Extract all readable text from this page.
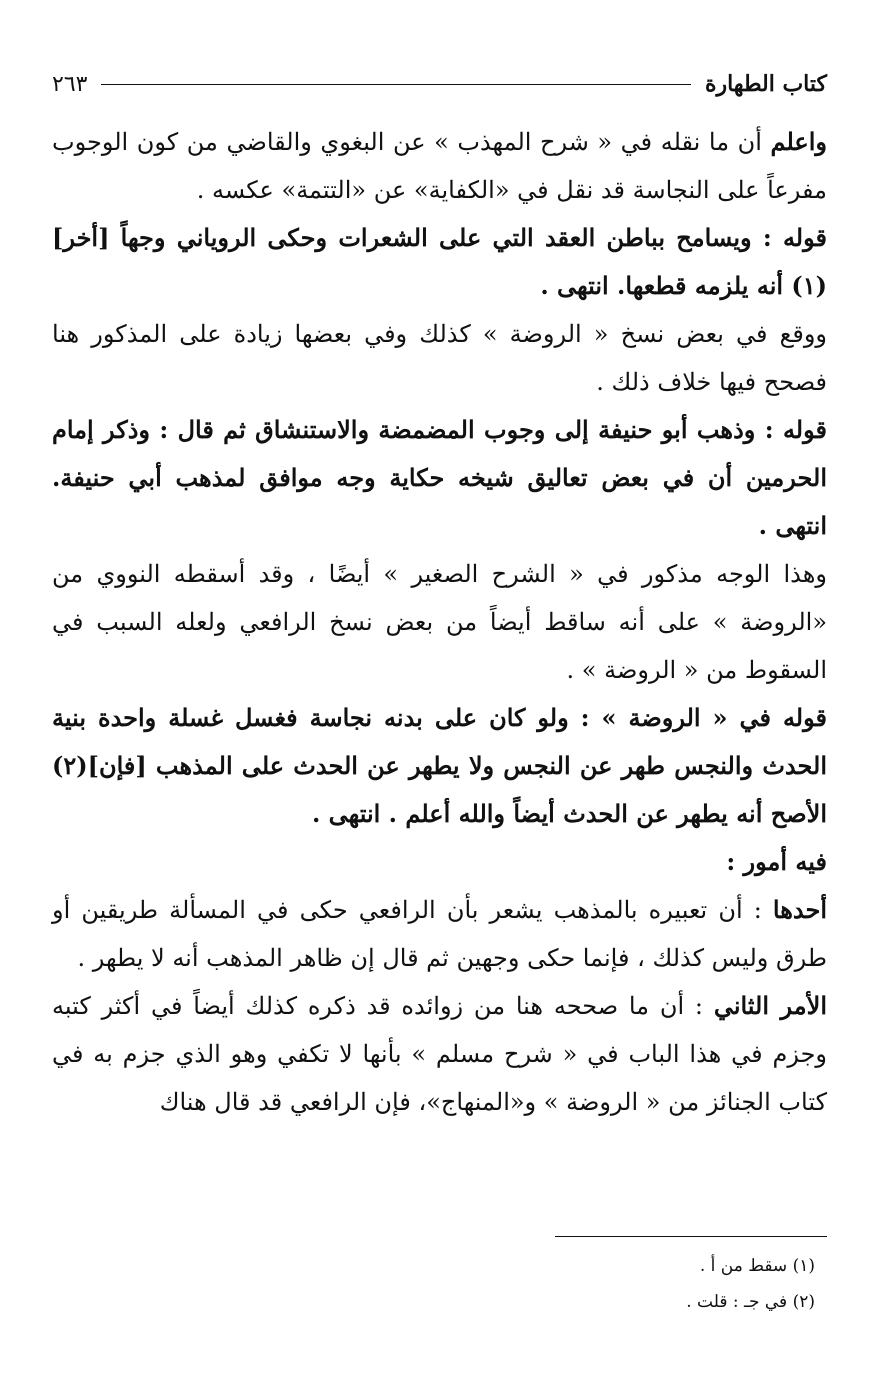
كتاب الطهارة
٢٦٣

واعلم أن ما نقله في « شرح المهذب » عن البغوي والقاضي من كون الوجوب مفرعاً على النجاسة قد نقل في «الكفاية» عن «التتمة» عكسه .

قوله : ويسامح بباطن العقد التي على الشعرات وحكى الروياني وجهاً [أخر] (١) أنه يلزمه قطعها. انتهى .

ووقع في بعض نسخ « الروضة » كذلك وفي بعضها زيادة على المذكور هنا فصحح فيها خلاف ذلك .

قوله : وذهب أبو حنيفة إلى وجوب المضمضة والاستنشاق ثم قال : وذكر إمام الحرمين أن في بعض تعاليق شيخه حكاية وجه موافق لمذهب أبي حنيفة. انتهى .

وهذا الوجه مذكور في « الشرح الصغير » أيضًا ، وقد أسقطه النووي من «الروضة » على أنه ساقط أيضاً من بعض نسخ الرافعي ولعله السبب في السقوط من « الروضة » .

قوله في « الروضة » : ولو كان على بدنه نجاسة فغسل غسلة واحدة بنية الحدث والنجس طهر عن النجس ولا يطهر عن الحدث على المذهب [فإن](٢) الأصح أنه يطهر عن الحدث أيضاً والله أعلم . انتهى .

فيه أمور :

أحدها : أن تعبيره بالمذهب يشعر بأن الرافعي حكى في المسألة طريقين أو طرق وليس كذلك ، فإنما حكى وجهين ثم قال إن ظاهر المذهب أنه لا يطهر .

الأمر الثاني : أن ما صححه هنا من زوائده قد ذكره كذلك أيضاً في أكثر كتبه وجزم في هذا الباب في « شرح مسلم » بأنها لا تكفي وهو الذي جزم به في كتاب الجنائز من « الروضة » و«المنهاج»، فإن الرافعي قد قال هناك

(١) سقط من أ .
(٢) في جـ : قلت .
